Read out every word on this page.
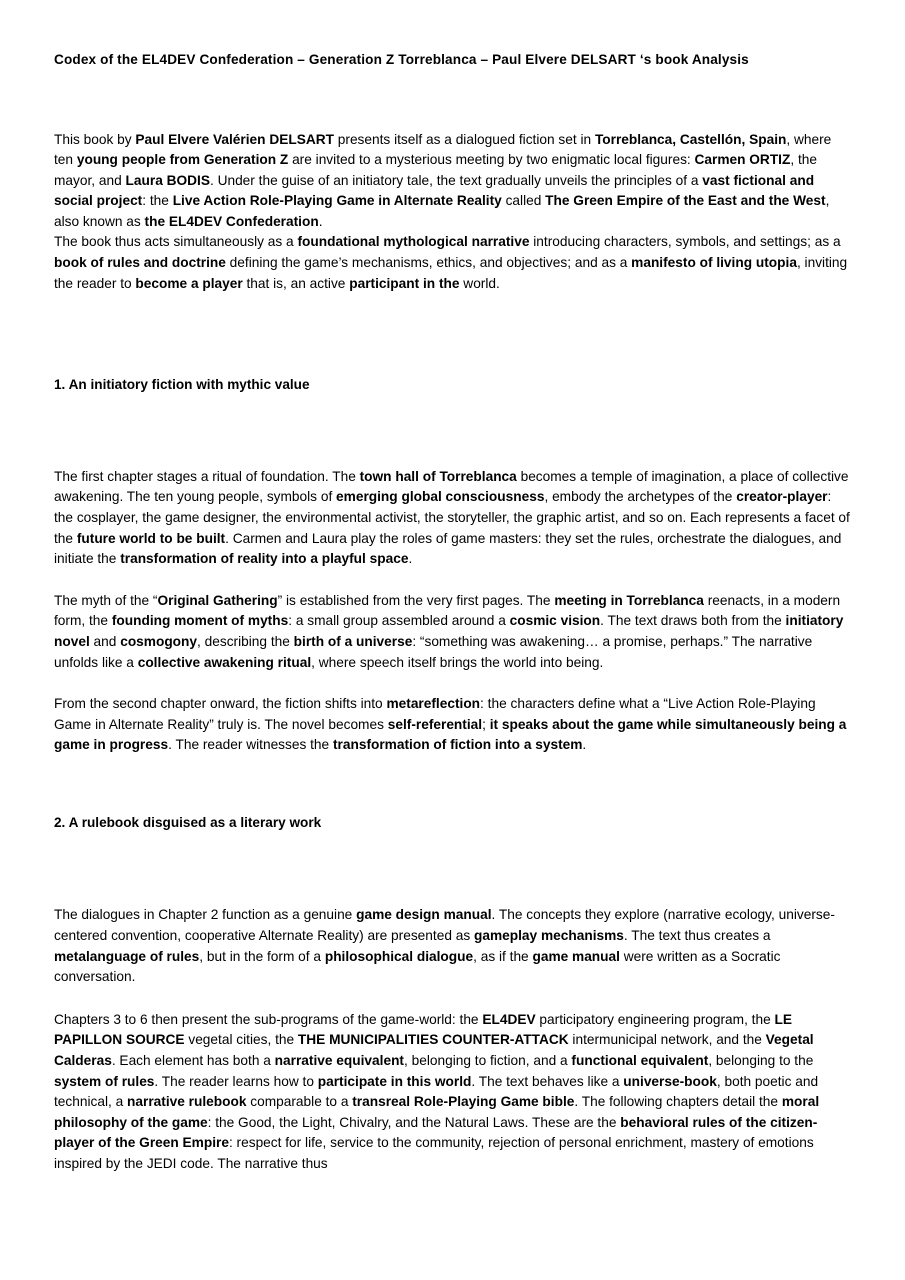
Codex of the EL4DEV Confederation – Generation Z Torreblanca – Paul Elvere DELSART ‘s book Analysis
This book by Paul Elvere Valérien DELSART presents itself as a dialogued fiction set in Torreblanca, Castellón, Spain, where ten young people from Generation Z are invited to a mysterious meeting by two enigmatic local figures: Carmen ORTIZ, the mayor, and Laura BODIS. Under the guise of an initiatory tale, the text gradually unveils the principles of a vast fictional and social project: the Live Action Role-Playing Game in Alternate Reality called The Green Empire of the East and the West, also known as the EL4DEV Confederation.
The book thus acts simultaneously as a foundational mythological narrative introducing characters, symbols, and settings; as a book of rules and doctrine defining the game’s mechanisms, ethics, and objectives; and as a manifesto of living utopia, inviting the reader to become a player that is, an active participant in the world.
1. An initiatory fiction with mythic value

The first chapter stages a ritual of foundation. The town hall of Torreblanca becomes a temple of imagination, a place of collective awakening. The ten young people, symbols of emerging global consciousness, embody the archetypes of the creator-player: the cosplayer, the game designer, the environmental activist, the storyteller, the graphic artist, and so on. Each represents a facet of the future world to be built. Carmen and Laura play the roles of game masters: they set the rules, orchestrate the dialogues, and initiate the transformation of reality into a playful space.

The myth of the “Original Gathering” is established from the very first pages. The meeting in Torreblanca reenacts, in a modern form, the founding moment of myths: a small group assembled around a cosmic vision. The text draws both from the initiatory novel and cosmogony, describing the birth of a universe: “something was awakening… a promise, perhaps.” The narrative unfolds like a collective awakening ritual, where speech itself brings the world into being.

From the second chapter onward, the fiction shifts into metareflection: the characters define what a “Live Action Role-Playing Game in Alternate Reality” truly is. The novel becomes self-referential; it speaks about the game while simultaneously being a game in progress. The reader witnesses the transformation of fiction into a system.

2. A rulebook disguised as a literary work

The dialogues in Chapter 2 function as a genuine game design manual. The concepts they explore (narrative ecology, universe-centered convention, cooperative Alternate Reality) are presented as gameplay mechanisms. The text thus creates a metalanguage of rules, but in the form of a philosophical dialogue, as if the game manual were written as a Socratic conversation.

Chapters 3 to 6 then present the sub-programs of the game-world: the EL4DEV participatory engineering program, the LE PAPILLON SOURCE vegetal cities, the THE MUNICIPALITIES COUNTER-ATTACK intermunicipal network, and the Vegetal Calderas. Each element has both a narrative equivalent, belonging to fiction, and a functional equivalent, belonging to the system of rules. The reader learns how to participate in this world. The text behaves like a universe-book, both poetic and technical, a narrative rulebook comparable to a transreal Role-Playing Game bible. The following chapters detail the moral philosophy of the game: the Good, the Light, Chivalry, and the Natural Laws. These are the behavioral rules of the citizen-player of the Green Empire: respect for life, service to the community, rejection of personal enrichment, mastery of emotions inspired by the JEDI code. The narrative thus
